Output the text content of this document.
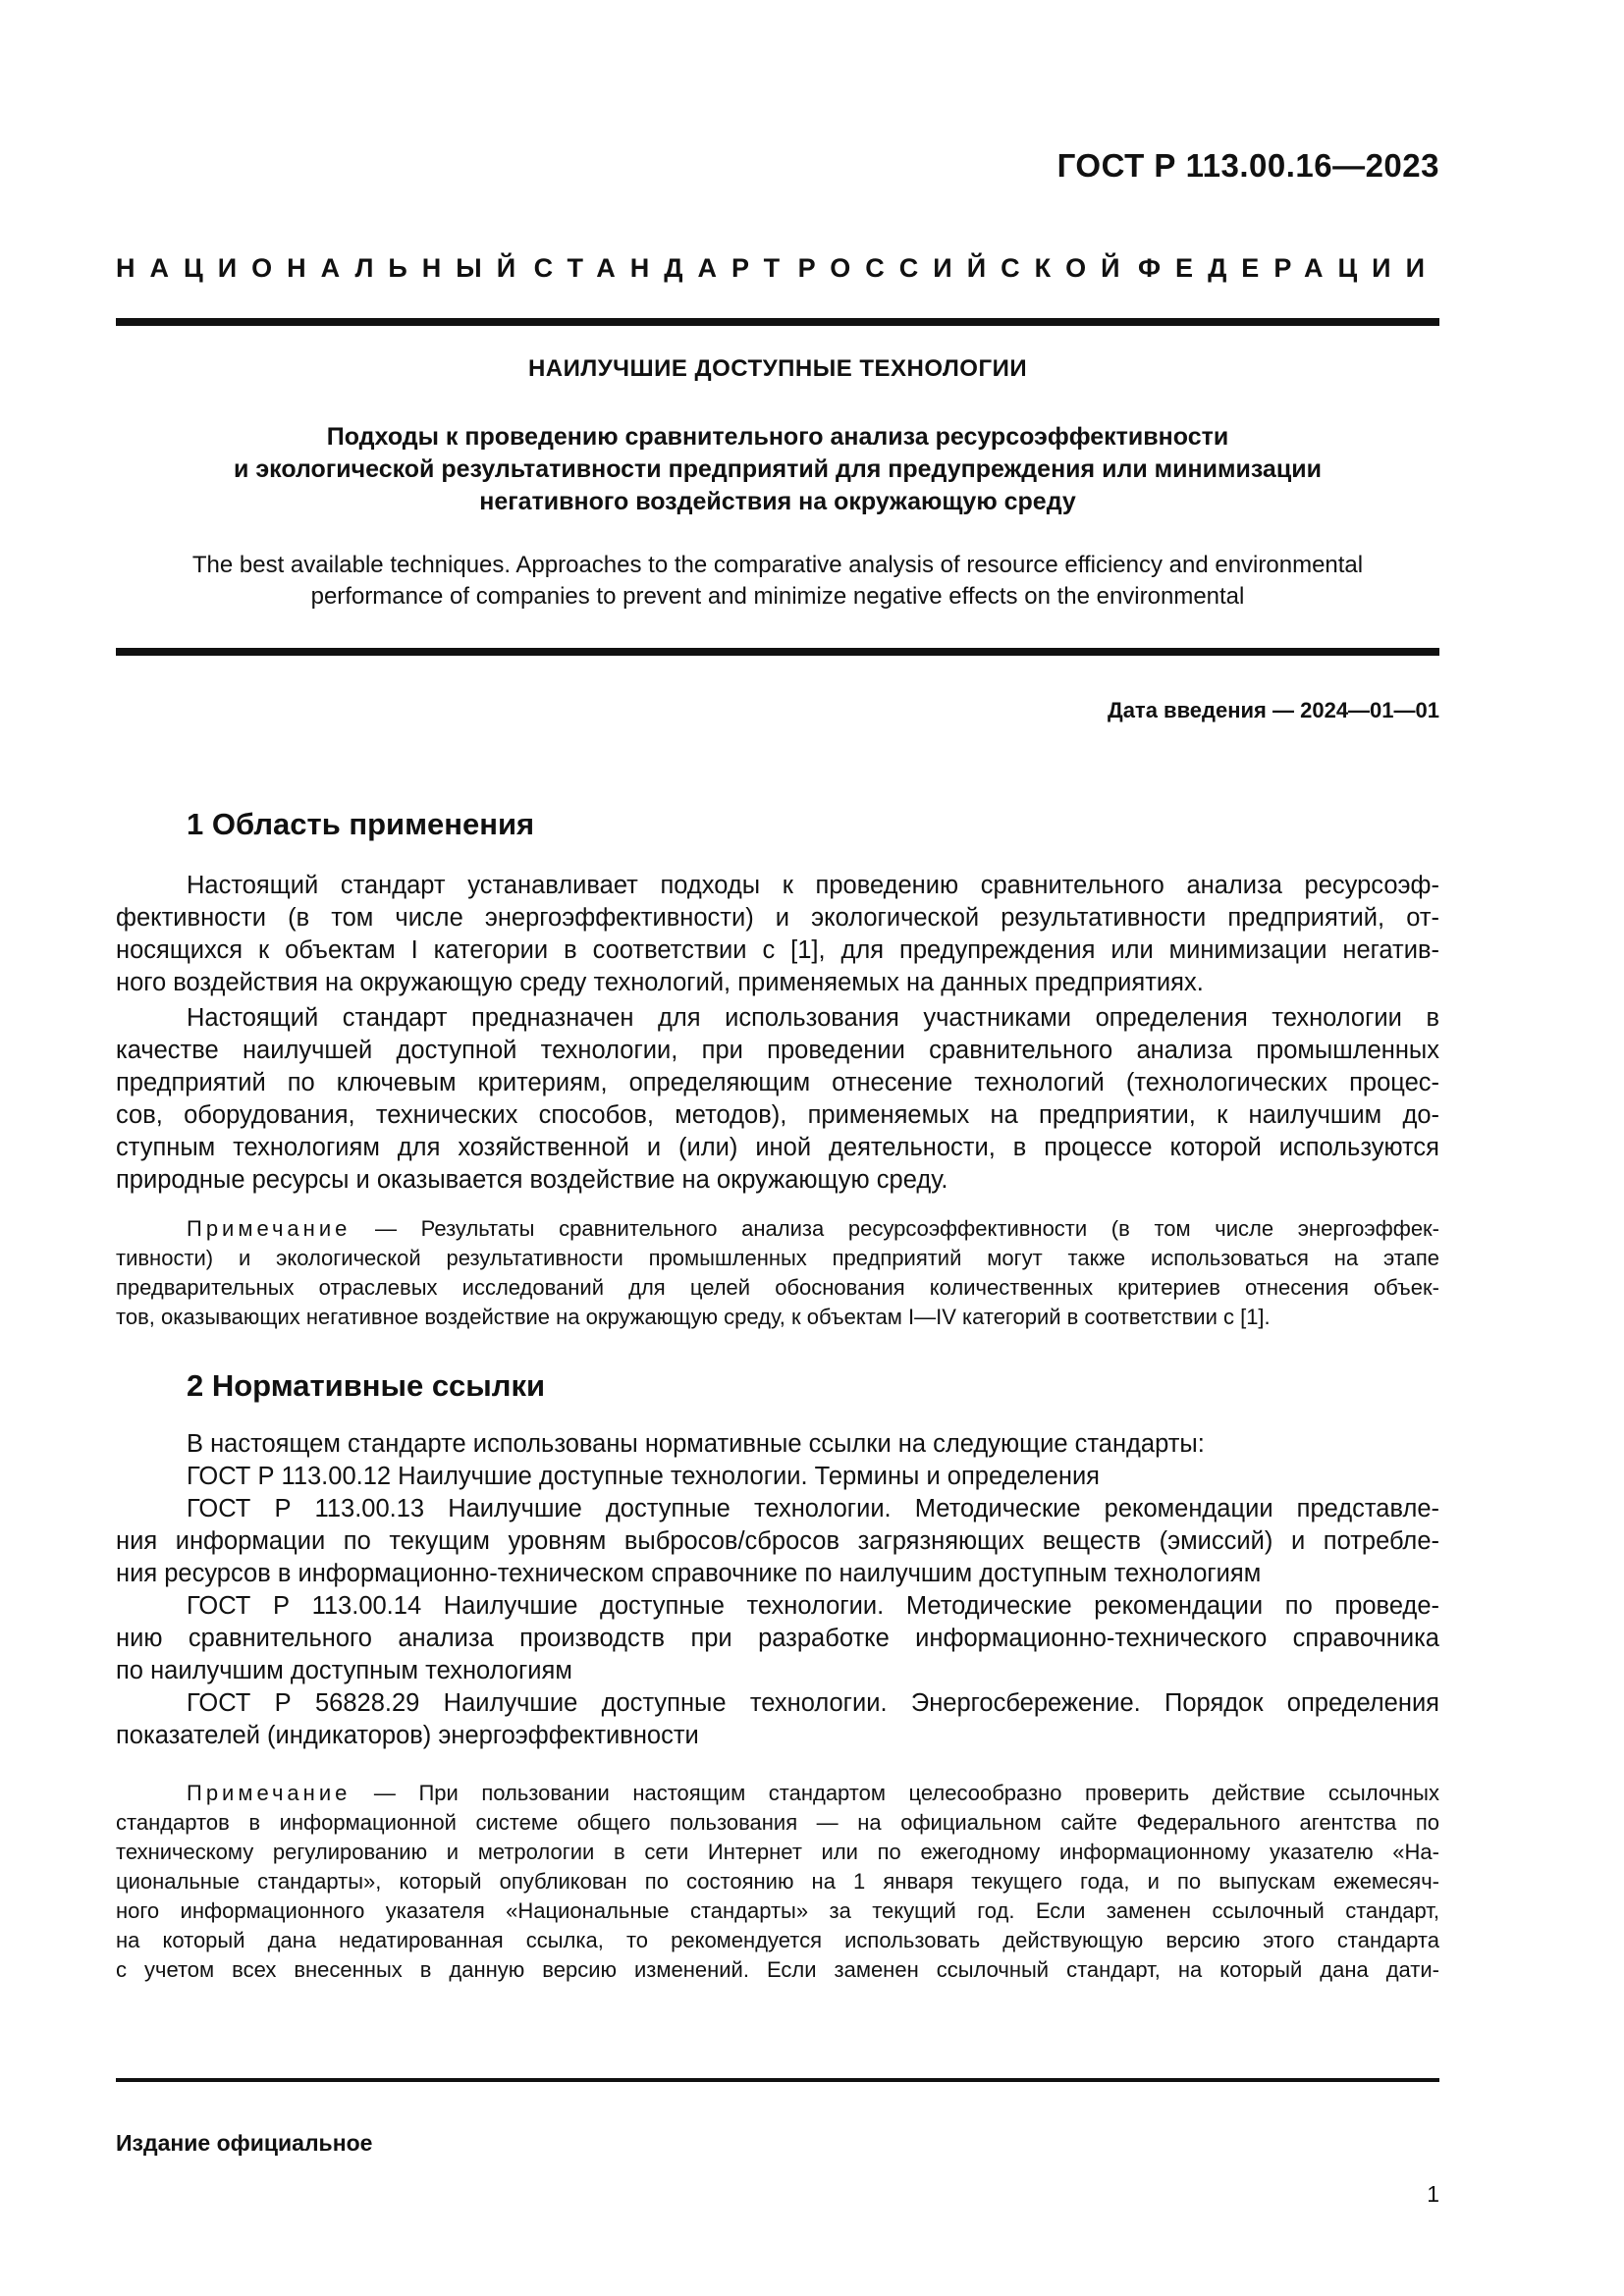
ГОСТ Р 113.00.16—2023
НАЦИОНАЛЬНЫЙ СТАНДАРТ РОССИЙСКОЙ ФЕДЕРАЦИИ
НАИЛУЧШИЕ ДОСТУПНЫЕ ТЕХНОЛОГИИ
Подходы к проведению сравнительного анализа ресурсоэффективности
и экологической результативности предприятий для предупреждения или минимизации
негативного воздействия на окружающую среду
The best available techniques. Approaches to the comparative analysis of resource efficiency and environmental
performance of companies to prevent and minimize negative effects on the environmental
Дата введения — 2024—01—01
1 Область применения
Настоящий стандарт устанавливает подходы к проведению сравнительного анализа ресурсоэф-
фективности (в том числе энергоэффективности) и экологической результативности предприятий, от-
носящихся к объектам I категории в соответствии с [1], для предупреждения или минимизации негатив-
ного воздействия на окружающую среду технологий, применяемых на данных предприятиях.
Настоящий стандарт предназначен для использования участниками определения технологии в
качестве наилучшей доступной технологии, при проведении сравнительного анализа промышленных
предприятий по ключевым критериям, определяющим отнесение технологий (технологических процес-
сов, оборудования, технических способов, методов), применяемых на предприятии, к наилучшим до-
ступным технологиям для хозяйственной и (или) иной деятельности, в процессе которой используются
природные ресурсы и оказывается воздействие на окружающую среду.
Примечание — Результаты сравнительного анализа ресурсоэффективности (в том числе энергоэффек-
тивности) и экологической результативности промышленных предприятий могут также использоваться на этапе
предварительных отраслевых исследований для целей обоснования количественных критериев отнесения объек-
тов, оказывающих негативное воздействие на окружающую среду, к объектам I—IV категорий в соответствии с [1].
2 Нормативные ссылки
В настоящем стандарте использованы нормативные ссылки на следующие стандарты:
ГОСТ Р 113.00.12 Наилучшие доступные технологии. Термины и определения
ГОСТ Р 113.00.13 Наилучшие доступные технологии. Методические рекомендации представле-
ния информации по текущим уровням выбросов/сбросов загрязняющих веществ (эмиссий) и потребле-
ния ресурсов в информационно-техническом справочнике по наилучшим доступным технологиям
ГОСТ Р 113.00.14 Наилучшие доступные технологии. Методические рекомендации по проведе-
нию сравнительного анализа производств при разработке информационно-технического справочника
по наилучшим доступным технологиям
ГОСТ Р 56828.29 Наилучшие доступные технологии. Энергосбережение. Порядок определения
показателей (индикаторов) энергоэффективности
Примечание — При пользовании настоящим стандартом целесообразно проверить действие ссылочных
стандартов в информационной системе общего пользования — на официальном сайте Федерального агентства по
техническому регулированию и метрологии в сети Интернет или по ежегодному информационному указателю «На-
циональные стандарты», который опубликован по состоянию на 1 января текущего года, и по выпускам ежемесяч-
ного информационного указателя «Национальные стандарты» за текущий год. Если заменен ссылочный стандарт,
на который дана недатированная ссылка, то рекомендуется использовать действующую версию этого стандарта
с учетом всех внесенных в данную версию изменений. Если заменен ссылочный стандарт, на который дана дати-
Издание официальное
1
